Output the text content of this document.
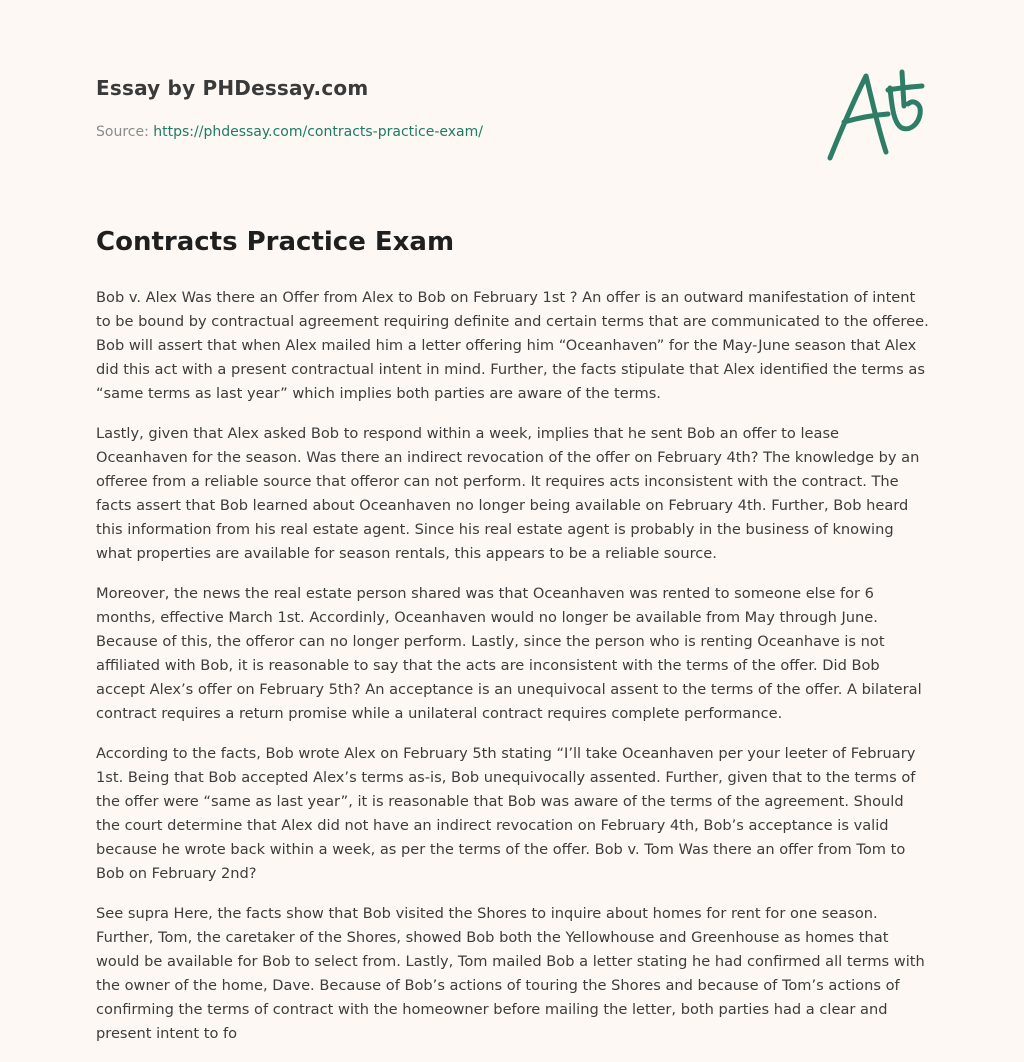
Essay by PHDessay.com
Source: https://phdessay.com/contracts-practice-exam/
Contracts Practice Exam

Bob v. Alex Was there an Offer from Alex to Bob on February 1st ? An offer is an outward manifestation of intent to be bound by contractual agreement requiring definite and certain terms that are communicated to the offeree. Bob will assert that when Alex mailed him a letter offering him “Oceanhaven” for the May-June season that Alex did this act with a present contractual intent in mind. Further, the facts stipulate that Alex identified the terms as “same terms as last year” which implies both parties are aware of the terms.

Lastly, given that Alex asked Bob to respond within a week, implies that he sent Bob an offer to lease Oceanhaven for the season. Was there an indirect revocation of the offer on February 4th? The knowledge by an offeree from a reliable source that offeror can not perform. It requires acts inconsistent with the contract. The facts assert that Bob learned about Oceanhaven no longer being available on February 4th. Further, Bob heard this information from his real estate agent. Since his real estate agent is probably in the business of knowing what properties are available for season rentals, this appears to be a reliable source.

Moreover, the news the real estate person shared was that Oceanhaven was rented to someone else for 6 months, effective March 1st. Accordinly, Oceanhaven would no longer be available from May through June. Because of this, the offeror can no longer perform. Lastly, since the person who is renting Oceanhave is not affiliated with Bob, it is reasonable to say that the acts are inconsistent with the terms of the offer. Did Bob accept Alex’s offer on February 5th? An acceptance is an unequivocal assent to the terms of the offer. A bilateral contract requires a return promise while a unilateral contract requires complete performance.

According to the facts, Bob wrote Alex on February 5th stating “I’ll take Oceanhaven per your leeter of February 1st. Being that Bob accepted Alex’s terms as-is, Bob unequivocally assented. Further, given that to the terms of the offer were “same as last year”, it is reasonable that Bob was aware of the terms of the agreement. Should the court determine that Alex did not have an indirect revocation on February 4th, Bob’s acceptance is valid because he wrote back within a week, as per the terms of the offer. Bob v. Tom Was there an offer from Tom to Bob on February 2nd?

See supra Here, the facts show that Bob visited the Shores to inquire about homes for rent for one season. Further, Tom, the caretaker of the Shores, showed Bob both the Yellowhouse and Greenhouse as homes that would be available for Bob to select from. Lastly, Tom mailed Bob a letter stating he had confirmed all terms with the owner of the home, Dave. Because of Bob’s actions of touring the Shores and because of Tom’s actions of confirming the terms of contract with the homeowner before mailing the letter, both parties had a clear and present intent to fo
